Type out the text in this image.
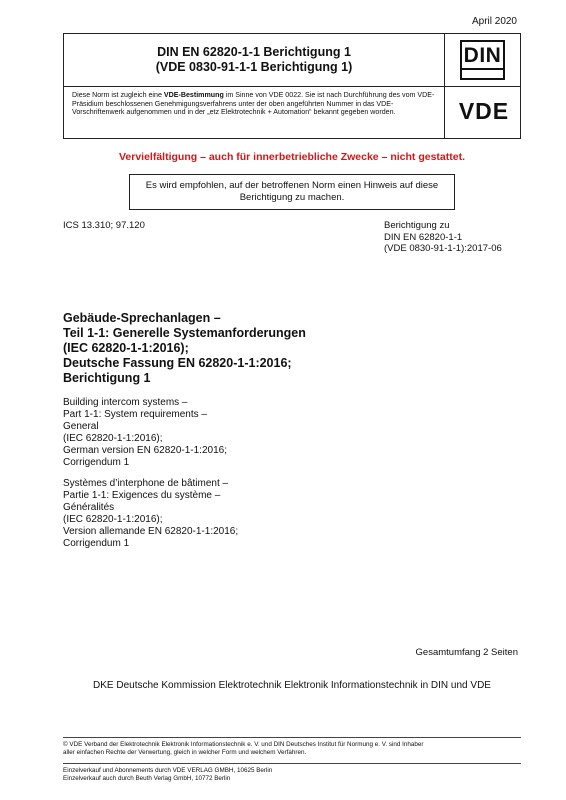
April 2020
DIN EN 62820-1-1 Berichtigung 1
(VDE 0830-91-1-1 Berichtigung 1)	DIN
VDE
Diese Norm ist zugleich eine VDE-Bestimmung im Sinne von VDE 0022. Sie ist nach Durchführung des vom VDE-Präsidium beschlossenen Genehmigungsverfahrens unter der oben angeführten Nummer in das VDE-Vorschriftenwerk aufgenommen und in der „etz Elektrotechnik + Automation“ bekannt gegeben worden.
Vervielfältigung – auch für innerbetriebliche Zwecke – nicht gestattet.
Es wird empfohlen, auf der betroffenen Norm einen Hinweis auf diese
Berichtigung zu machen.
ICS 13.310; 97.120	Berichtigung zu
DIN EN 62820-1-1
(VDE 0830-91-1-1):2017-06
Gebäude-Sprechanlagen –
Teil 1-1: Generelle Systemanforderungen
(IEC 62820-1-1:2016);
Deutsche Fassung EN 62820-1-1:2016;
Berichtigung 1
Building intercom systems –
Part 1-1: System requirements –
General
(IEC 62820-1-1:2016);
German version EN 62820-1-1:2016;
Corrigendum 1
Systèmes d’interphone de bâtiment –
Partie 1-1: Exigences du système –
Généralités
(IEC 62820-1-1:2016);
Version allemande EN 62820-1-1:2016;
Corrigendum 1
Gesamtumfang 2 Seiten
DKE Deutsche Kommission Elektrotechnik Elektronik Informationstechnik in DIN und VDE
© VDE Verband der Elektrotechnik Elektronik Informationstechnik e. V. und DIN Deutsches Institut für Normung e. V. sind Inhaber
aller einfachen Rechte der Verwertung, gleich in welcher Form und welchem Verfahren.
Einzelverkauf und Abonnements durch VDE VERLAG GMBH, 10625 Berlin
Einzelverkauf auch durch Beuth Verlag GmbH, 10772 Berlin
